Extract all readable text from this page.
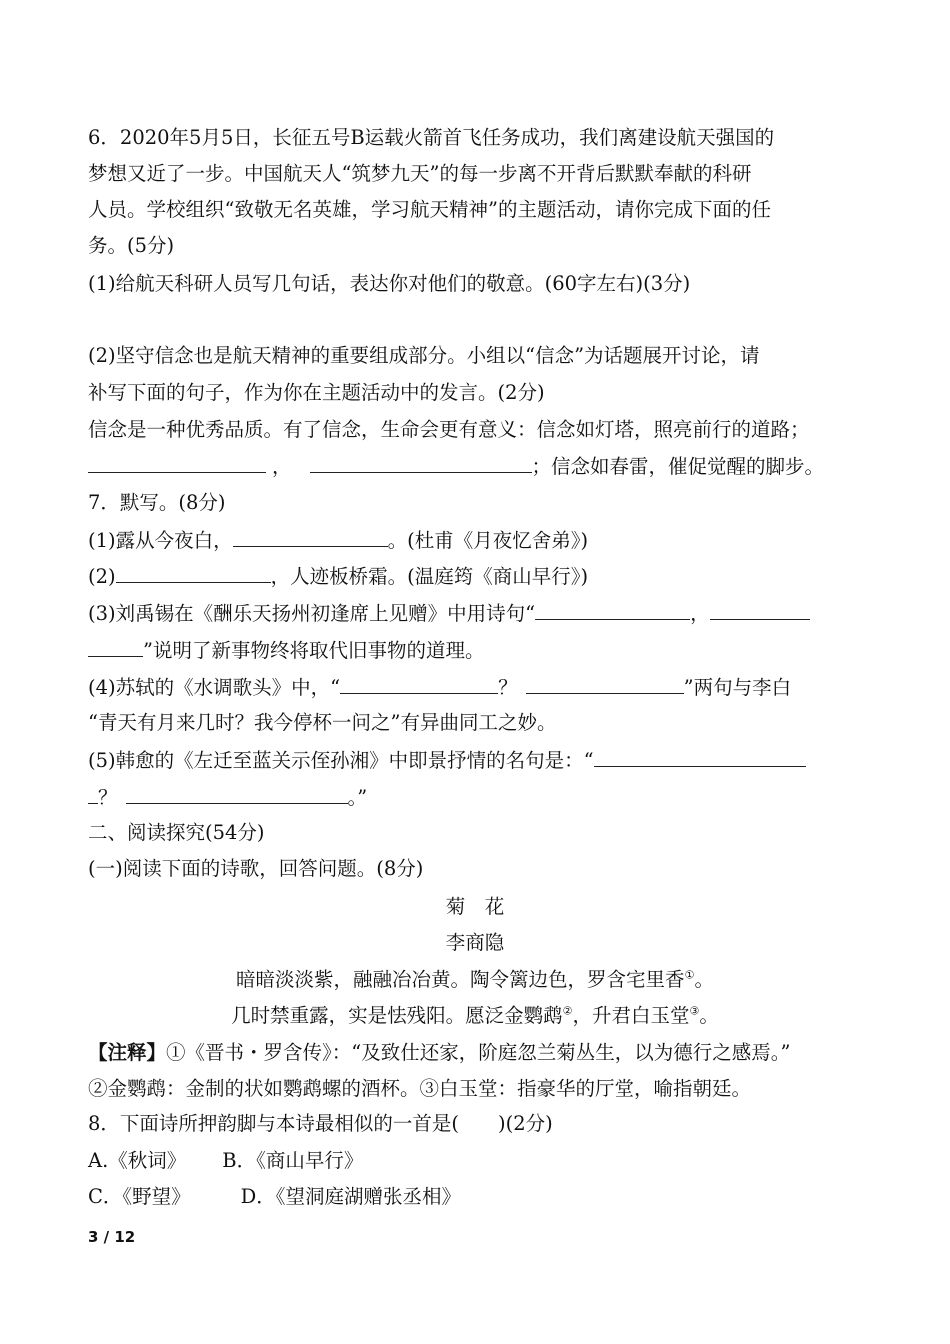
6．2020年5月5日，长征五号B运载火箭首飞任务成功，我们离建设航天强国的
梦想又近了一步。中国航天人“筑梦九天”的每一步离不开背后默默奉献的科研
人员。学校组织“致敬无名英雄，学习航天精神”的主题活动，请你完成下面的任
务。(5分)
(1)给航天科研人员写几句话，表达你对他们的敬意。(60字左右)(3分)
(2)坚守信念也是航天精神的重要组成部分。小组以“信念”为话题展开讨论，请
补写下面的句子，作为你在主题活动中的发言。(2分)
信念是一种优秀品质。有了信念，生命会更有意义：信念如灯塔，照亮前行的道路；
，	；信念如春雷，催促觉醒的脚步。
7．默写。(8分)
(1)露从今夜白，	。(杜甫《月夜忆舍弟》)
(2)	，人迹板桥霜。(温庭筠《商山早行》)
(3)刘禹锡在《酬乐天扬州初逢席上见赠》中用诗句“	，
”说明了新事物终将取代旧事物的道理。
(4)苏轼的《水调歌头》中，“	？	”两句与李白
“青天有月来几时？我今停杯一问之”有异曲同工之妙。
(5)韩愈的《左迁至蓝关示侄孙湘》中即景抒情的名句是：“
？	。”
二、阅读探究(54分)
(一)阅读下面的诗歌，回答问题。(8分)
菊　花
李商隐
暗暗淡淡紫，融融冶冶黄。陶令篱边色，罗含宅里香①。
几时禁重露，实是怯残阳。愿泛金鹦鹉②，升君白玉堂③。
【注释】①《晋书・罗含传》：“及致仕还家，阶庭忽兰菊丛生，以为德行之感焉。”
②金鹦鹉：金制的状如鹦鹉螺的酒杯。③白玉堂：指豪华的厅堂，喻指朝廷。
8．下面诗所押韵脚与本诗最相似的一首是(　　)(2分)
A.《秋词》 B．《商山早行》
C．《野望》	D．《望洞庭湖赠张丞相》
3 / 12
